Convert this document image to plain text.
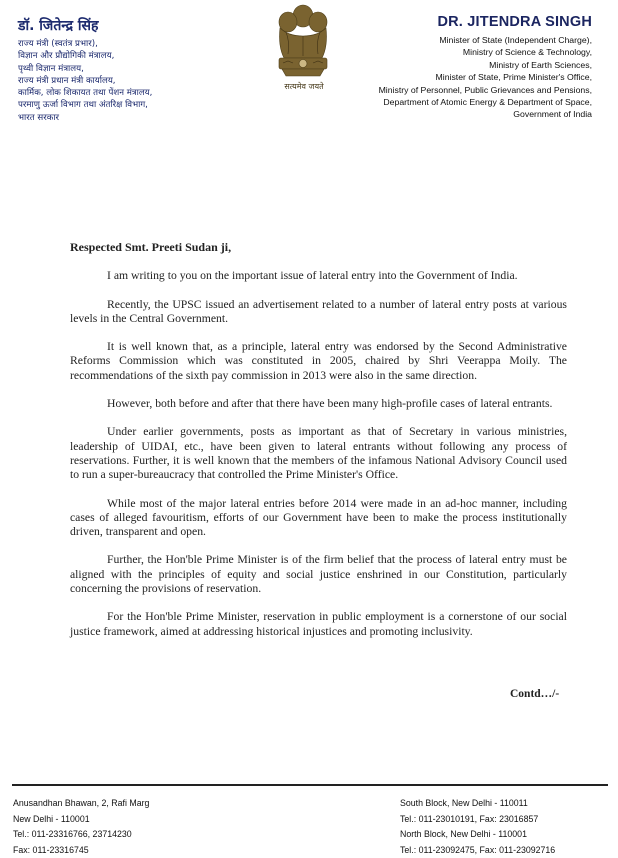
डॉ. जितेन्द्र सिंह
राज्य मंत्री (स्वतंत्र प्रभार),
विज्ञान और प्रौद्योगिकी मंत्रालय,
पृथ्वी विज्ञान मंत्रालय,
राज्य मंत्री प्रधान मंत्री कार्यालय,
कार्मिक, लोक शिकायत तथा पेंशन मंत्रालय,
परमाणु ऊर्जा विभाग तथा अंतरिक्ष विभाग,
भारत सरकार
सत्यमेव जयते
DR. JITENDRA SINGH
Minister of State (Independent Charge),
Ministry of Science & Technology,
Ministry of Earth Sciences,
Minister of State, Prime Minister's Office,
Ministry of Personnel, Public Grievances and Pensions,
Department of Atomic Energy & Department of Space,
Government of India

Respected Smt. Preeti Sudan ji,

I am writing to you on the important issue of lateral entry into the Government of India.

Recently, the UPSC issued an advertisement related to a number of lateral entry posts at various levels in the Central Government.

It is well known that, as a principle, lateral entry was endorsed by the Second Administrative Reforms Commission which was constituted in 2005, chaired by Shri Veerappa Moily. The recommendations of the sixth pay commission in 2013 were also in the same direction.

However, both before and after that there have been many high-profile cases of lateral entrants.

Under earlier governments, posts as important as that of Secretary in various ministries, leadership of UIDAI, etc., have been given to lateral entrants without following any process of reservations. Further, it is well known that the members of the infamous National Advisory Council used to run a super-bureaucracy that controlled the Prime Minister's Office.

While most of the major lateral entries before 2014 were made in an ad-hoc manner, including cases of alleged favouritism, efforts of our Government have been to make the process institutionally driven, transparent and open.

Further, the Hon'ble Prime Minister is of the firm belief that the process of lateral entry must be aligned with the principles of equity and social justice enshrined in our Constitution, particularly concerning the provisions of reservation.

For the Hon'ble Prime Minister, reservation in public employment is a cornerstone of our social justice framework, aimed at addressing historical injustices and promoting inclusivity.

Contd…/-
Anusandhan Bhawan, 2, Rafi Marg
New Delhi - 110001
Tel.: 011-23316766, 23714230
Fax: 011-23316745
South Block, New Delhi - 110011
Tel.: 011-23010191, Fax: 23016857
North Block, New Delhi - 110001
Tel.: 011-23092475, Fax: 011-23092716
